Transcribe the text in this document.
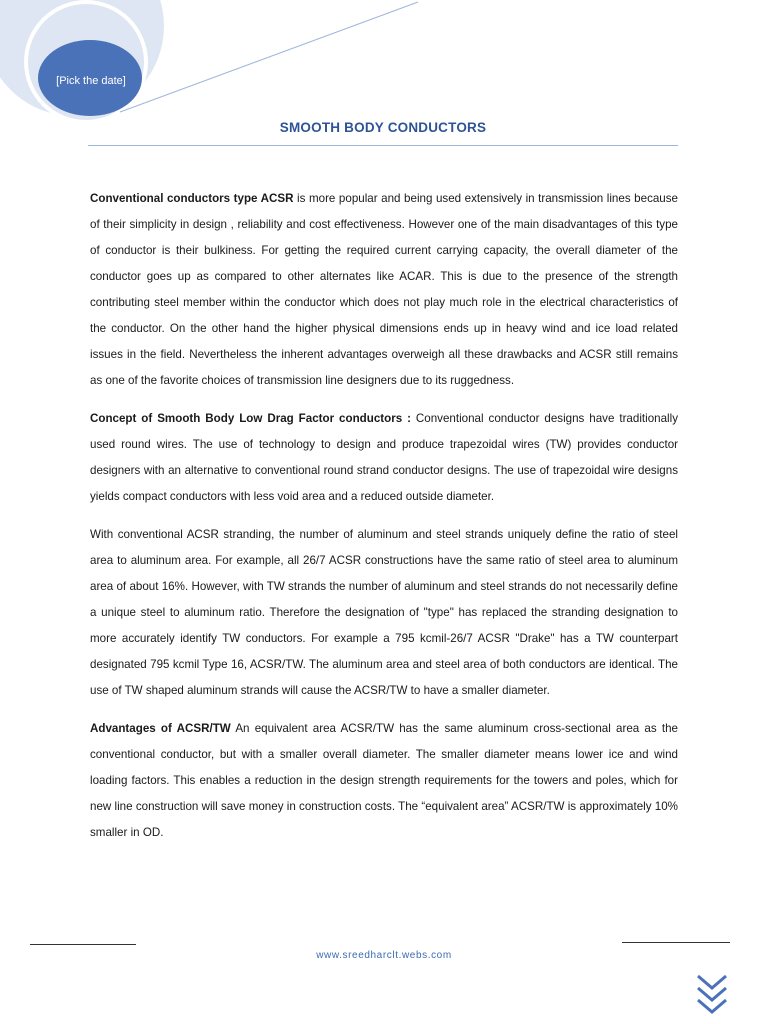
[Pick the date]
SMOOTH BODY CONDUCTORS

Conventional conductors type ACSR is more popular and being used extensively in transmission lines because of their simplicity in design , reliability and cost effectiveness. However one of the main disadvantages of this type of conductor is their bulkiness. For getting the required current carrying capacity, the overall diameter of the conductor goes up as compared to other alternates like ACAR. This is due to the presence of the strength contributing steel member within the conductor which does not play much role in the electrical characteristics of the conductor. On the other hand the higher physical dimensions ends up in heavy wind and ice load related issues in the field. Nevertheless the inherent advantages overweigh all these drawbacks and ACSR still remains as one of the favorite choices of transmission line designers due to its ruggedness.

Concept of Smooth Body Low Drag Factor conductors : Conventional conductor designs have traditionally used round wires. The use of technology to design and produce trapezoidal wires (TW) provides conductor designers with an alternative to conventional round strand conductor designs. The use of trapezoidal wire designs yields compact conductors with less void area and a reduced outside diameter.

With conventional ACSR stranding, the number of aluminum and steel strands uniquely define the ratio of steel area to aluminum area. For example, all 26/7 ACSR constructions have the same ratio of steel area to aluminum area of about 16%. However, with TW strands the number of aluminum and steel strands do not necessarily define a unique steel to aluminum ratio. Therefore the designation of "type" has replaced the stranding designation to more accurately identify TW conductors. For example a 795 kcmil-26/7 ACSR "Drake" has a TW counterpart designated 795 kcmil Type 16, ACSR/TW. The aluminum area and steel area of both conductors are identical. The use of TW shaped aluminum strands will cause the ACSR/TW to have a smaller diameter.

Advantages of ACSR/TW An equivalent area ACSR/TW has the same aluminum cross-sectional area as the conventional conductor, but with a smaller overall diameter. The smaller diameter means lower ice and wind loading factors. This enables a reduction in the design strength requirements for the towers and poles, which for new line construction will save money in construction costs. The “equivalent area” ACSR/TW is approximately 10% smaller in OD.

www.sreedharclt.webs.com
